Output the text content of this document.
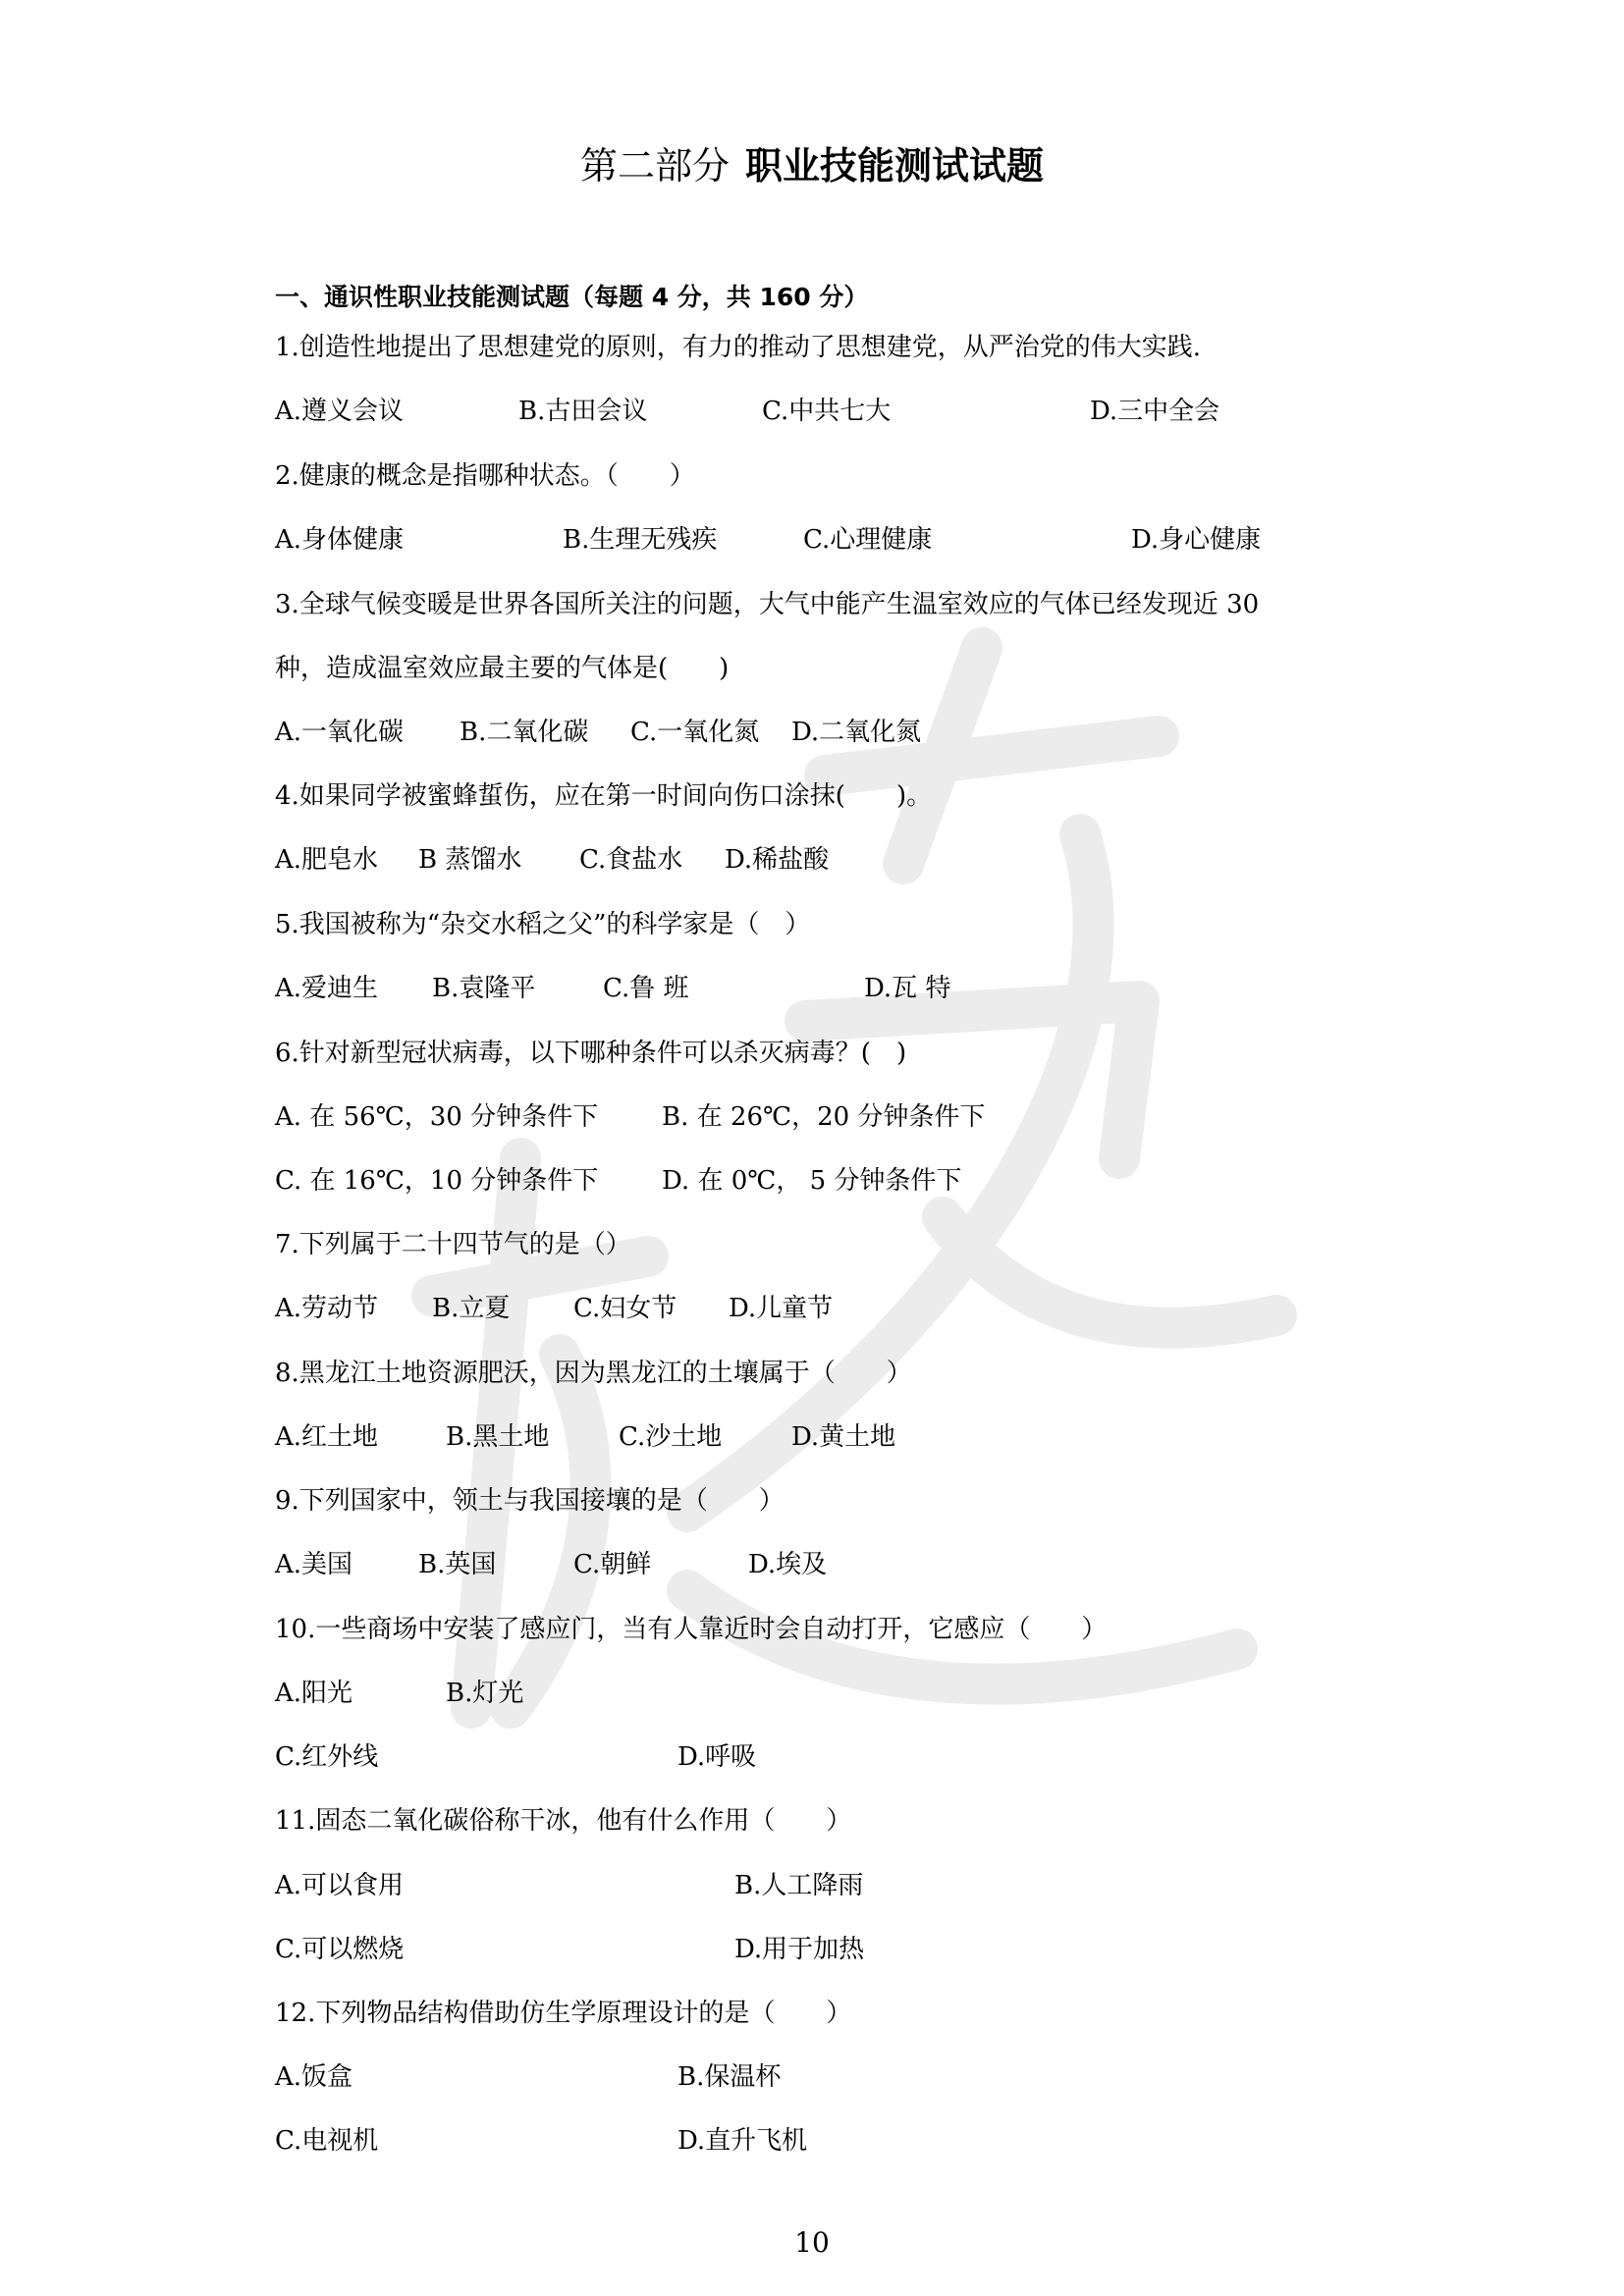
第二部分 职业技能测试试题
一、通识性职业技能测试题（每题 4 分，共 160 分）
1.创造性地提出了思想建党的原则，有力的推动了思想建党，从严治党的伟大实践.
A.遵义会议	B.古田会议	C.中共七大	D.三中全会
2.健康的概念是指哪种状态。（　　）
A.身体健康	B.生理无残疾	C.心理健康	D.身心健康
3.全球气候变暖是世界各国所关注的问题，大气中能产生温室效应的气体已经发现近 30
种，造成温室效应最主要的气体是(　　)
A.一氧化碳 B.二氧化碳 C.一氧化氮 D.二氧化氮
4.如果同学被蜜蜂蜇伤，应在第一时间向伤口涂抹(　　)。
A.肥皂水 B 蒸馏水 C.食盐水 D.稀盐酸
5.我国被称为“杂交水稻之父”的科学家是（　）
A.爱迪生 B.袁隆平	C.鲁 班	D.瓦 特
6.针对新型冠状病毒，以下哪种条件可以杀灭病毒？(　)
A. 在 56℃，30 分钟条件下 B. 在 26℃，20 分钟条件下
C. 在 16℃，10 分钟条件下 D. 在 0℃， 5 分钟条件下
7.下列属于二十四节气的是（）
A.劳动节 B.立夏 C.妇女节 D.儿童节
8.黑龙江土地资源肥沃，因为黑龙江的土壤属于（　　）
A.红土地	B.黑土地	C.沙土地	D.黄土地
9.下列国家中，领土与我国接壤的是（　　）
A.美国	B.英国	C.朝鲜	D.埃及
10.一些商场中安装了感应门，当有人靠近时会自动打开，它感应（　　）
A.阳光	B.灯光
C.红外线	D.呼吸
11.固态二氧化碳俗称干冰，他有什么作用（　　）
A.可以食用	B.人工降雨
C.可以燃烧	D.用于加热
12.下列物品结构借助仿生学原理设计的是（　　）
A.饭盒	B.保温杯
C.电视机	D.直升飞机
10
